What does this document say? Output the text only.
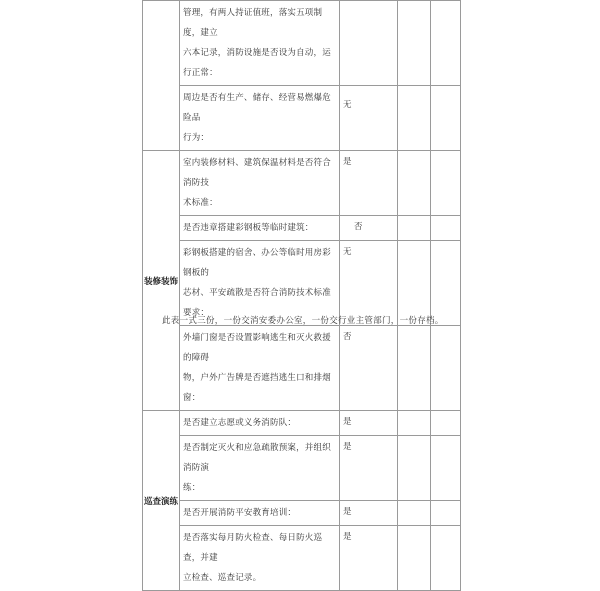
	管理，有两人持证值班，落实五项制度，建立
六本记录，消防设施是否设为自动，运行正常：			

	周边是否有生产、储存、经营易燃爆危险品
行为：	无		
装修装饰	室内装修材料、建筑保温材料是否符合消防技
术标准：	是		

	是否违章搭建彩钢板等临时建筑：	否		

	彩钢板搭建的宿舍、办公等临时用房彩钢板的
芯材、平安疏散是否符合消防技术标准要求：	无		

	外墙门窗是否设置影响逃生和灭火救援的障碍
物，户外广告牌是否遮挡逃生口和排烟窗：	否		
巡查演练	是否建立志愿或义务消防队：	是		

	是否制定灭火和应急疏散预案，并组织消防演
练：	是		

	是否开展消防平安教育培训：	是		

	是否落实每月防火检查、每日防火巡查，并建
立检查、巡查记录。	是		
此表一式三份，一份交消安委办公室，一份交行业主管部门，一份存档。
